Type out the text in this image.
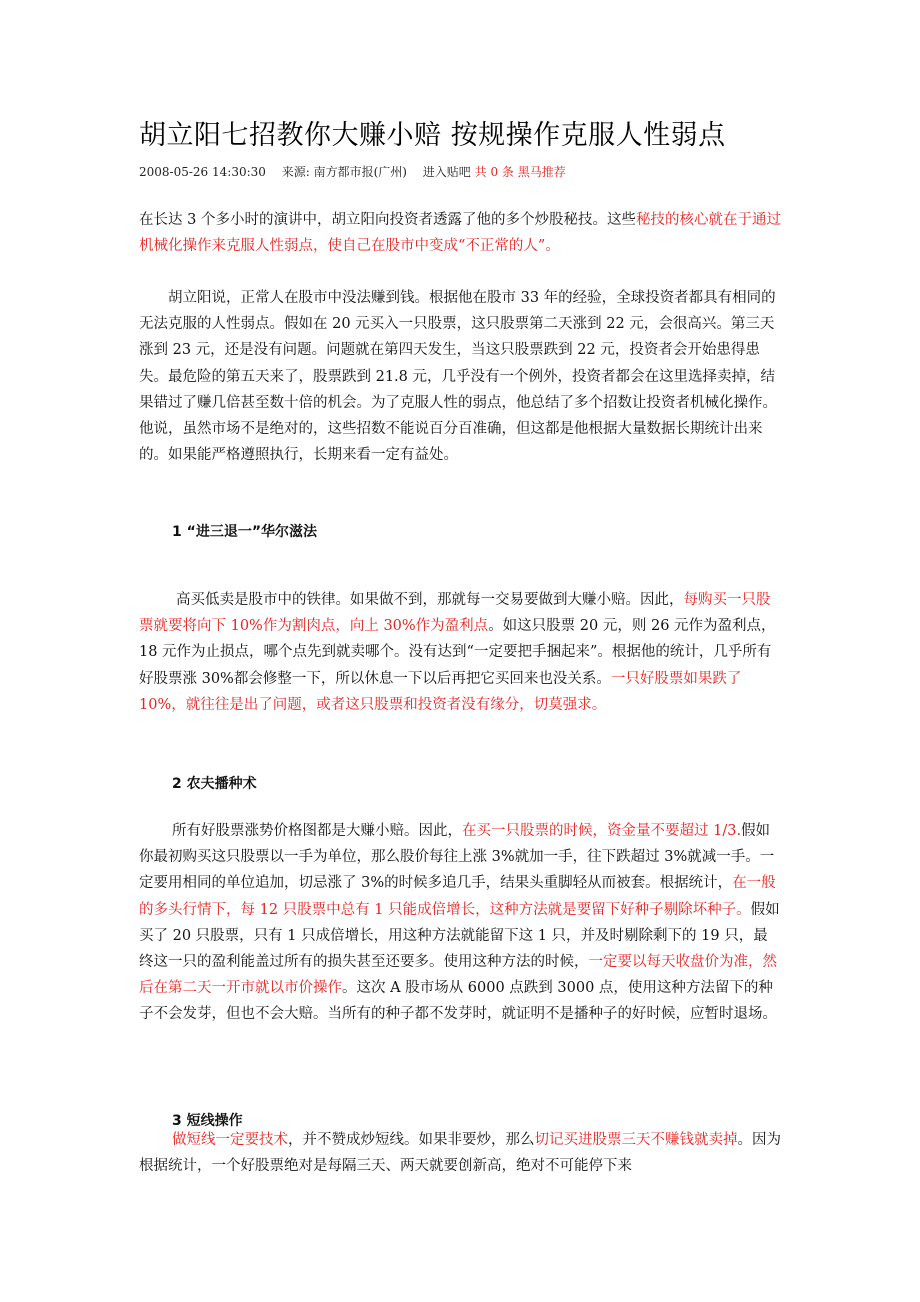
胡立阳七招教你大赚小赔 按规操作克服人性弱点
2008-05-26 14:30:30 来源: 南方都市报(广州) 进入贴吧 共 0 条 黑马推荐

在长达 3 个多小时的演讲中，胡立阳向投资者透露了他的多个炒股秘技。这些秘技的核心就在于通过机械化操作来克服人性弱点，使自己在股市中变成“不正常的人”。

胡立阳说，正常人在股市中没法赚到钱。根据他在股市 33 年的经验，全球投资者都具有相同的无法克服的人性弱点。假如在 20 元买入一只股票，这只股票第二天涨到 22 元，会很高兴。第三天涨到 23 元，还是没有问题。问题就在第四天发生，当这只股票跌到 22 元，投资者会开始患得患失。最危险的第五天来了，股票跌到 21.8 元，几乎没有一个例外，投资者都会在这里选择卖掉，结果错过了赚几倍甚至数十倍的机会。为了克服人性的弱点，他总结了多个招数让投资者机械化操作。他说，虽然市场不是绝对的，这些招数不能说百分百准确，但这都是他根据大量数据长期统计出来的。如果能严格遵照执行，长期来看一定有益处。

1 “进三退一”华尔滋法

高买低卖是股市中的铁律。如果做不到，那就每一交易要做到大赚小赔。因此，每购买一只股票就要将向下 10%作为割肉点，向上 30%作为盈利点。如这只股票 20 元，则 26 元作为盈利点，18 元作为止损点，哪个点先到就卖哪个。没有达到“一定要把手捆起来”。根据他的统计，几乎所有好股票涨 30%都会修整一下，所以休息一下以后再把它买回来也没关系。一只好股票如果跌了 10%，就往往是出了问题，或者这只股票和投资者没有缘分，切莫强求。

2 农夫播种术

所有好股票涨势价格图都是大赚小赔。因此，在买一只股票的时候，资金量不要超过 1/3.假如你最初购买这只股票以一手为单位，那么股价每往上涨 3%就加一手，往下跌超过 3%就减一手。一定要用相同的单位追加，切忌涨了 3%的时候多追几手，结果头重脚轻从而被套。根据统计，在一般的多头行情下，每 12 只股票中总有 1 只能成倍增长，这种方法就是要留下好种子剔除坏种子。假如买了 20 只股票，只有 1 只成倍增长，用这种方法就能留下这 1 只，并及时剔除剩下的 19 只，最终这一只的盈利能盖过所有的损失甚至还要多。使用这种方法的时候，一定要以每天收盘价为准，然后在第二天一开市就以市价操作。这次 A 股市场从 6000 点跌到 3000 点，使用这种方法留下的种子不会发芽，但也不会大赔。当所有的种子都不发芽时，就证明不是播种子的好时候，应暂时退场。

3 短线操作

做短线一定要技术，并不赞成炒短线。如果非要炒，那么切记买进股票三天不赚钱就卖掉。因为根据统计，一个好股票绝对是每隔三天、两天就要创新高，绝对不可能停下来
